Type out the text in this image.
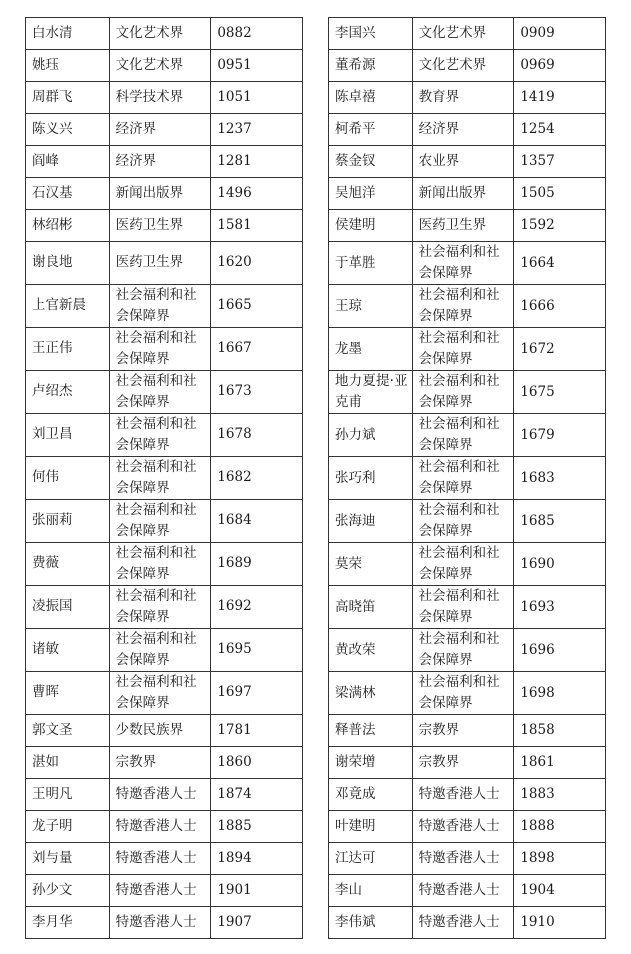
白水清	文化艺术界	0882
姚珏	文化艺术界	0951
周群飞	科学技术界	1051
陈义兴	经济界	1237
阎峰	经济界	1281
石汉基	新闻出版界	1496
林绍彬	医药卫生界	1581
谢良地	医药卫生界	1620
上官新晨	社会福利和社会保障界	1665
王正伟	社会福利和社会保障界	1667
卢绍杰	社会福利和社会保障界	1673
刘卫昌	社会福利和社会保障界	1678
何伟	社会福利和社会保障界	1682
张丽莉	社会福利和社会保障界	1684
费薇	社会福利和社会保障界	1689
凌振国	社会福利和社会保障界	1692
诸敏	社会福利和社会保障界	1695
曹晖	社会福利和社会保障界	1697
郭文圣	少数民族界	1781
湛如	宗教界	1860
王明凡	特邀香港人士	1874
龙子明	特邀香港人士	1885
刘与量	特邀香港人士	1894
孙少文	特邀香港人士	1901
李月华	特邀香港人士	1907
李国兴	文化艺术界	0909
董希源	文化艺术界	0969
陈卓禧	教育界	1419
柯希平	经济界	1254
蔡金钗	农业界	1357
吴旭洋	新闻出版界	1505
侯建明	医药卫生界	1592
于革胜	社会福利和社会保障界	1664
王琼	社会福利和社会保障界	1666
龙墨	社会福利和社会保障界	1672
地力夏提·亚克甫	社会福利和社会保障界	1675
孙力斌	社会福利和社会保障界	1679
张巧利	社会福利和社会保障界	1683
张海迪	社会福利和社会保障界	1685
莫荣	社会福利和社会保障界	1690
高晓笛	社会福利和社会保障界	1693
黄改荣	社会福利和社会保障界	1696
梁满林	社会福利和社会保障界	1698
释普法	宗教界	1858
谢荣增	宗教界	1861
邓竟成	特邀香港人士	1883
叶建明	特邀香港人士	1888
江达可	特邀香港人士	1898
李山	特邀香港人士	1904
李伟斌	特邀香港人士	1910
